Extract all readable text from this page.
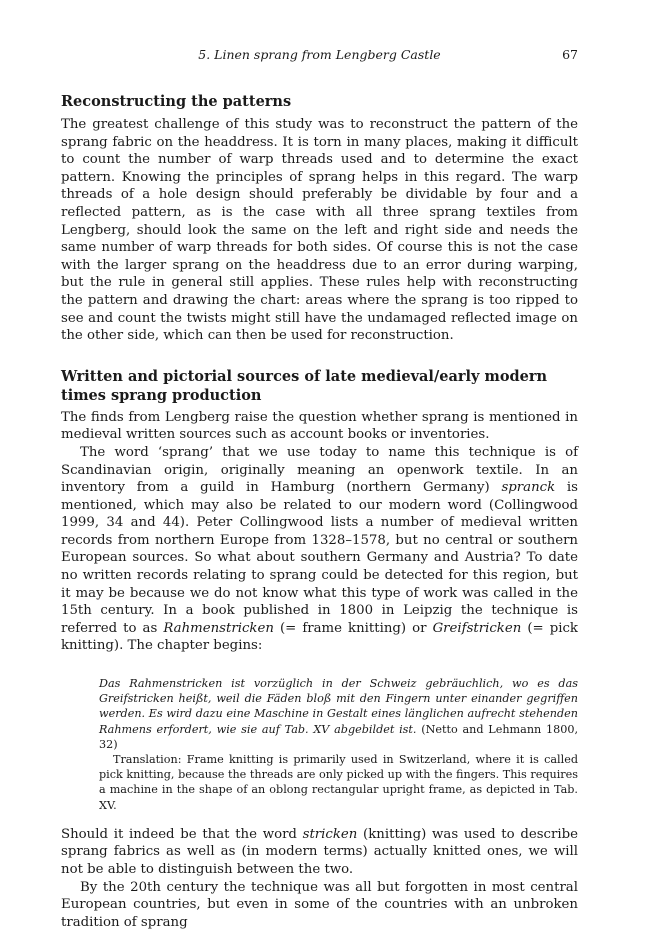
5. Linen sprang from Lengberg Castle	67
Reconstructing the patterns

The greatest challenge of this study was to reconstruct the pattern of the sprang fabric on the headdress. It is torn in many places, making it difficult to count the number of warp threads used and to determine the exact pattern. Knowing the principles of sprang helps in this regard. The warp threads of a hole design should preferably be dividable by four and a reflected pattern, as is the case with all three sprang textiles from Lengberg, should look the same on the left and right side and needs the same number of warp threads for both sides. Of course this is not the case with the larger sprang on the headdress due to an error during warping, but the rule in general still applies. These rules help with reconstructing the pattern and drawing the chart: areas where the sprang is too ripped to see and count the twists might still have the undamaged reflected image on the other side, which can then be used for reconstruction.

Written and pictorial sources of late medieval/early modern times sprang production

The finds from Lengberg raise the question whether sprang is mentioned in medieval written sources such as account books or inventories.

The word ‘sprang’ that we use today to name this technique is of Scandinavian origin, originally meaning an openwork textile. In an inventory from a guild in Hamburg (northern Germany) spranck is mentioned, which may also be related to our modern word (Collingwood 1999, 34 and 44). Peter Collingwood lists a number of medieval written records from northern Europe from 1328–1578, but no central or southern European sources. So what about southern Germany and Austria? To date no written records relating to sprang could be detected for this region, but it may be because we do not know what this type of work was called in the 15th century. In a book published in 1800 in Leipzig the technique is referred to as Rahmenstricken (= frame knitting) or Greifstricken (= pick knitting). The chapter begins:

Das Rahmenstricken ist vorzüglich in der Schweiz gebräuchlich, wo es das Greifstricken heißt, weil die Fäden bloß mit den Fingern unter einander gegriffen werden. Es wird dazu eine Maschine in Gestalt eines länglichen aufrecht stehenden Rahmens erfordert, wie sie auf Tab. XV abgebildet ist. (Netto and Lehmann 1800, 32)

Translation: Frame knitting is primarily used in Switzerland, where it is called pick knitting, because the threads are only picked up with the fingers. This requires a machine in the shape of an oblong rectangular upright frame, as depicted in Tab. XV.

Should it indeed be that the word stricken (knitting) was used to describe sprang fabrics as well as (in modern terms) actually knitted ones, we will not be able to distinguish between the two.

By the 20th century the technique was all but forgotten in most central European countries, but even in some of the countries with an unbroken tradition of sprang
